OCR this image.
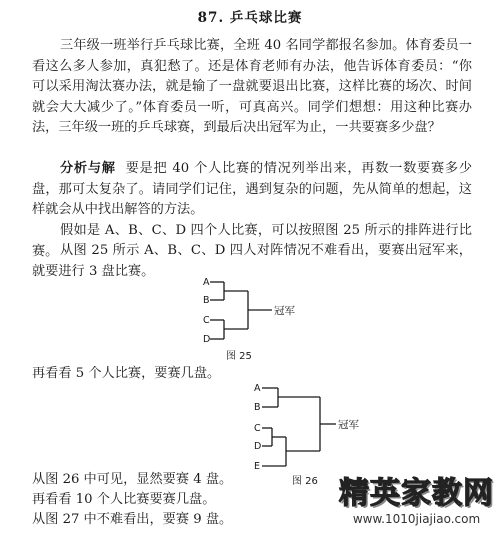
87. 乒乓球比赛

三年级一班举行乒乓球比赛，全班 40 名同学都报名参加。体育委员一看这么多人参加，真犯愁了。还是体育老师有办法，他告诉体育委员：“你可以采用淘汰赛办法，就是输了一盘就要退出比赛，这样比赛的场次、时间就会大大减少了。”体育委员一听，可真高兴。同学们想想：用这种比赛办法，三年级一班的乒乓球赛，到最后决出冠军为止，一共要赛多少盘？

分析与解 要是把 40 个人比赛的情况列举出来，再数一数要赛多少盘，那可太复杂了。请同学们记住，遇到复杂的问题，先从简单的想起，这样就会从中找出解答的方法。

假如是 A、B、C、D 四个人比赛，可以按照图 25 所示的排阵进行比赛。 从图 25 所示 A、B、C、D 四人对阵情况不难看出，要赛出冠军来，就要进行 3 盘比赛。

A
B
C
D
冠军
图 25

再看看 5 个人比赛，要赛几盘。

A
B
C
D
E
冠军
图 26

从图 26 中可见，显然要赛 4 盘。

再看看 10 个人比赛要赛几盘。

从图 27 中不难看出，要赛 9 盘。

精英家教网
www.1010jiajiao.com
